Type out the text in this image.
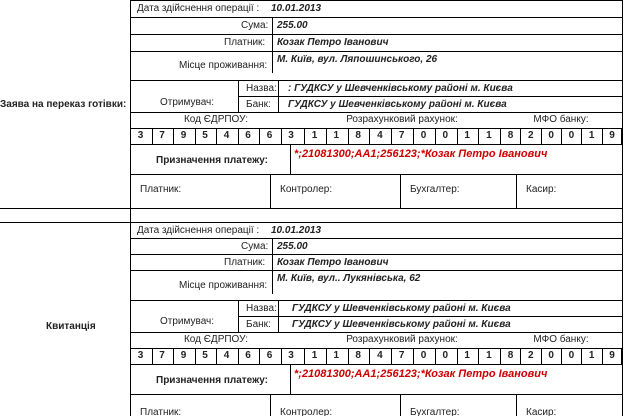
Дата здійснення операції : 10.01.2013
Сума: 255.00
Платник: Козак Петро Іванович
Місце проживання:
М. Київ, вул. Ляпошинського, 26
Заява на переказ готівки:	Отримувач:
Назва: : ГУДКСУ у Шевченківському районі м. Києва
Банк: ГУДКСУ у Шевченківському районі м. Києва
Код ЄДРПОУ:	Розрахунковий рахунок:	МФО банку:
3	7	9	5	4	6	6	3	1	1	8	4	7	0	0	1	1	8	2	0	0	1	9
Призначення платежу:
*;21081300;АА1;256123;*Козак Петро Іванович
Платник:	Контролер:	Бухгалтер:	Касир:
Дата здійснення операції : 10.01.2013
Сума: 255.00
Платник: Козак Петро Іванович
Місце проживання:
М. Київ, вул.. Лукянівська, 62
Квитанція	Отримувач:
Назва: ГУДКСУ у Шевченківському районі м. Києва
Банк: ГУДКСУ у Шевченківському районі м. Києва
Код ЄДРПОУ:	Розрахунковий рахунок:	МФО банку:
3	7	9	5	4	6	6	3	1	1	8	4	7	0	0	1	1	8	2	0	0	1	9
Призначення платежу:
*;21081300;АА1;256123;*Козак Петро Іванович
Платник:	Контролер:	Бухгалтер:	Касир:
